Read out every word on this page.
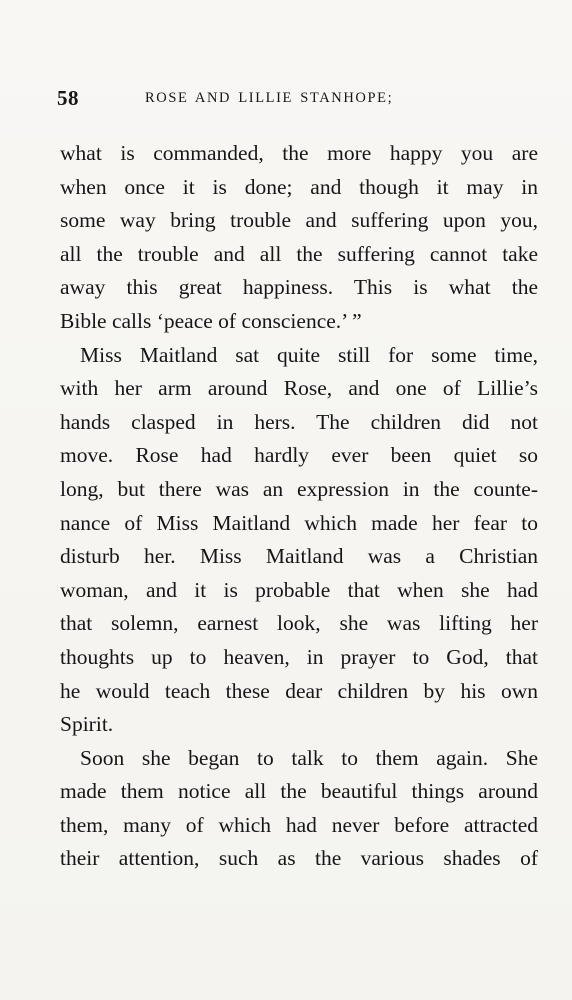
58	ROSE AND LILLIE STANHOPE;
what is commanded, the more happy you are
when once it is done; and though it may in
some way bring trouble and suffering upon you,
all the trouble and all the suffering cannot take
away this great happiness. This is what the
Bible calls ‘peace of conscience.’ ”
Miss Maitland sat quite still for some time,
with her arm around Rose, and one of Lillie’s
hands clasped in hers. The children did not
move. Rose had hardly ever been quiet so
long, but there was an expression in the counte-
nance of Miss Maitland which made her fear to
disturb her. Miss Maitland was a Christian
woman, and it is probable that when she had
that solemn, earnest look, she was lifting her
thoughts up to heaven, in prayer to God, that
he would teach these dear children by his own
Spirit.
Soon she began to talk to them again. She
made them notice all the beautiful things around
them, many of which had never before attracted
their attention, such as the various shades of
